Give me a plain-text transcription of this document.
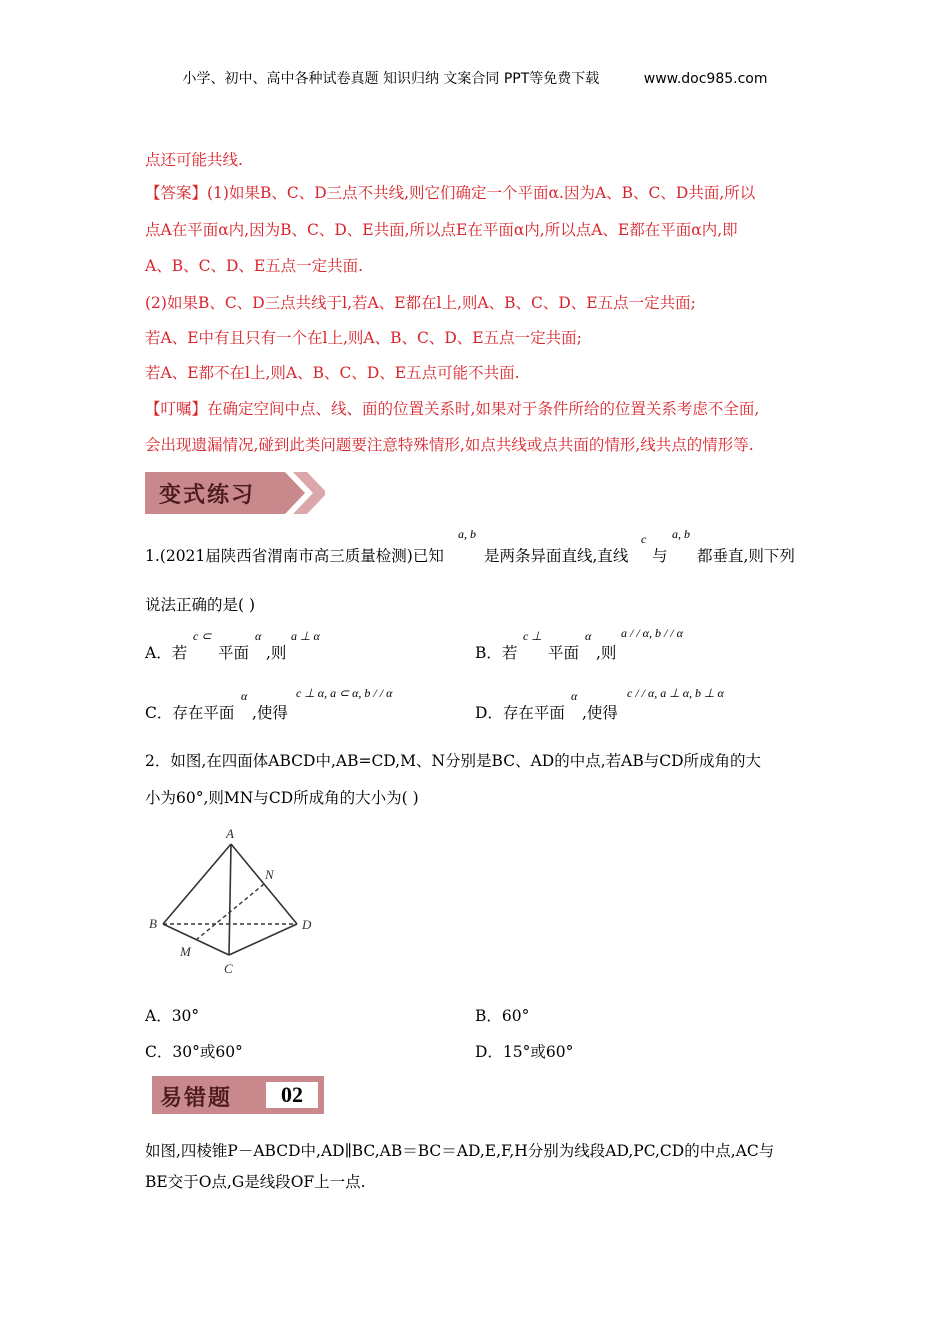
小学、初中、高中各种试卷真题 知识归纳 文案合同 PPT等免费下载	www.doc985.com
点还可能共线.
【答案】(1)如果B、C、D三点不共线,则它们确定一个平面α.因为A、B、C、D共面,所以
点A在平面α内,因为B、C、D、E共面,所以点E在平面α内,所以点A、E都在平面α内,即
A、B、C、D、E五点一定共面.
(2)如果B、C、D三点共线于l,若A、E都在l上,则A、B、C、D、E五点一定共面;
若A、E中有且只有一个在l上,则A、B、C、D、E五点一定共面;
若A、E都不在l上,则A、B、C、D、E五点可能不共面.
【叮嘱】在确定空间中点、线、面的位置关系时,如果对于条件所给的位置关系考虑不全面,
会出现遗漏情况,碰到此类问题要注意特殊情形,如点共线或点共面的情形,线共点的情形等.
变式练习
1.(2021届陕西省渭南市高三质量检测)已知
a, b
是两条异面直线,直线
c
与
a, b
都垂直,则下列
说法正确的是( )
A．若
c ⊂
平面
α
,则
a ⊥ α
B．若
c ⊥
平面
α
,则
a / / α, b / / α
C．存在平面
α
,使得
c ⊥ α, a ⊂ α, b / / α
D．存在平面
α
,使得
c / / α, a ⊥ α, b ⊥ α
2．如图,在四面体ABCD中,AB=CD,M、N分别是BC、AD的中点,若AB与CD所成角的大
小为60°,则MN与CD所成角的大小为( )
A
B
C
D
M
N
A．30°	B．60°
C．30°或60°	D．15°或60°
易错题	02
如图,四棱锥P－ABCD中,AD∥BC,AB＝BC＝AD,E,F,H分别为线段AD,PC,CD的中点,AC与
BE交于O点,G是线段OF上一点.
